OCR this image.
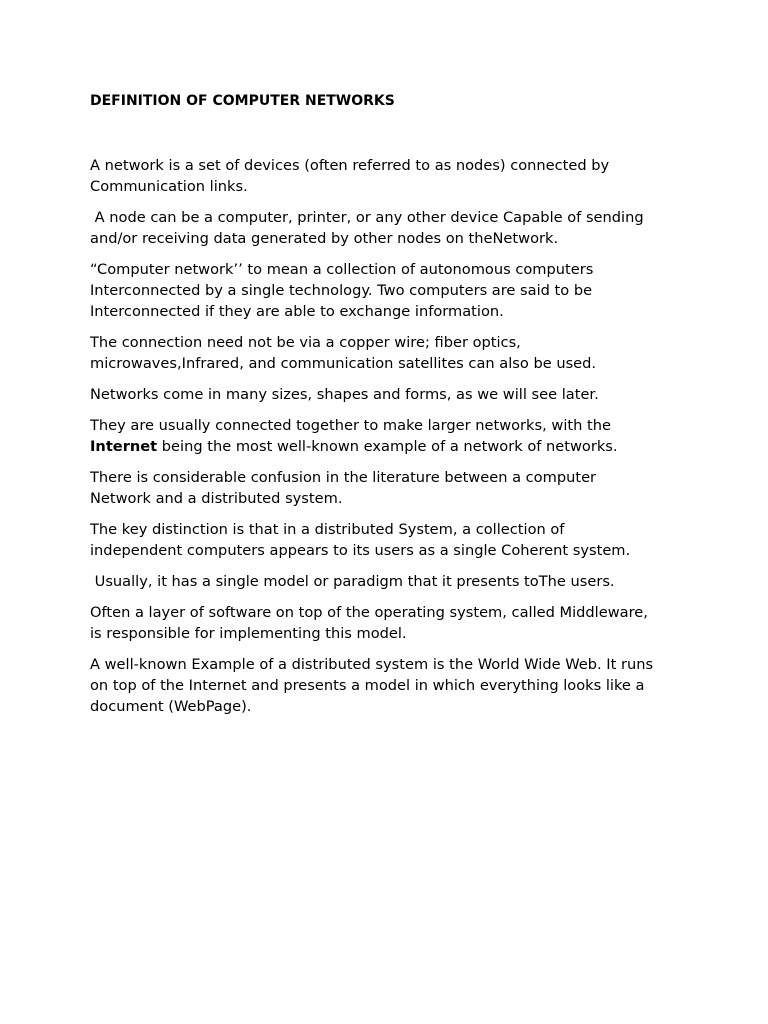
DEFINITION OF COMPUTER NETWORKS

A network is a set of devices (often referred to as nodes) connected by
Communication links.

A node can be a computer, printer, or any other device Capable of sending
and/or receiving data generated by other nodes on theNetwork.

“Computer network’’ to mean a collection of autonomous computers
Interconnected by a single technology. Two computers are said to be
Interconnected if they are able to exchange information.

The connection need not be via a copper wire; fiber optics,
microwaves,Infrared, and communication satellites can also be used.

Networks come in many sizes, shapes and forms, as we will see later.

They are usually connected together to make larger networks, with the
Internet being the most well-known example of a network of networks.

There is considerable confusion in the literature between a computer
Network and a distributed system.

The key distinction is that in a distributed System, a collection of
independent computers appears to its users as a single Coherent system.

Usually, it has a single model or paradigm that it presents toThe users.

Often a layer of software on top of the operating system, called Middleware,
is responsible for implementing this model.

A well-known Example of a distributed system is the World Wide Web. It runs
on top of the Internet and presents a model in which everything looks like a
document (WebPage).
